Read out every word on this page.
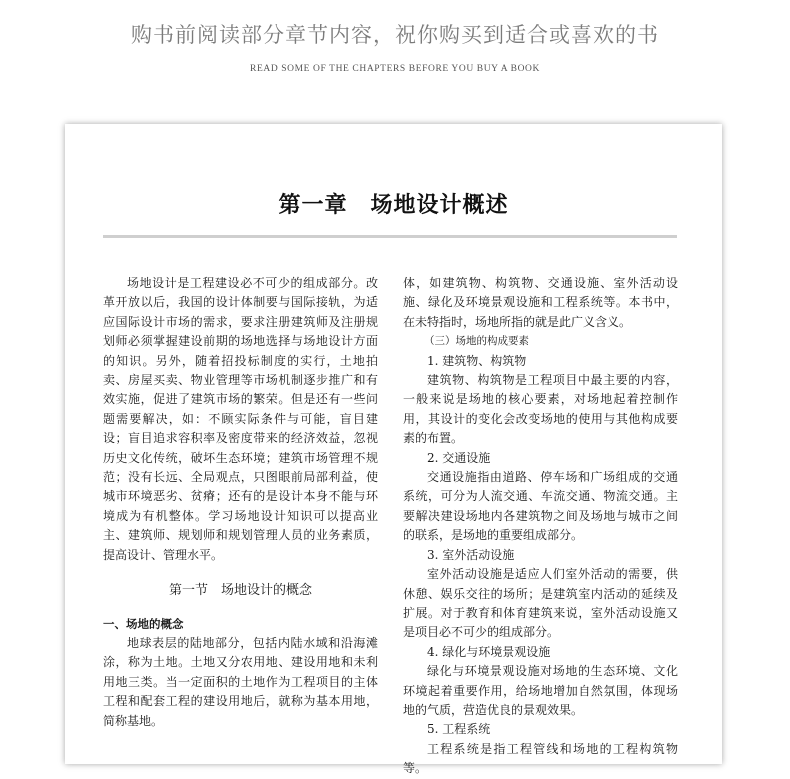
购书前阅读部分章节内容，祝你购买到适合或喜欢的书
READ SOME OF THE CHAPTERS BEFORE YOU BUY A BOOK
第一章　场地设计概述

场地设计是工程建设必不可少的组成部分。改革开放以后，我国的设计体制要与国际接轨，为适应国际设计市场的需求，要求注册建筑师及注册规划师必须掌握建设前期的场地选择与场地设计方面的知识。另外，随着招投标制度的实行，土地拍卖、房屋买卖、物业管理等市场机制逐步推广和有效实施，促进了建筑市场的繁荣。但是还有一些问题需要解决，如：不顾实际条件与可能，盲目建设；盲目追求容积率及密度带来的经济效益，忽视历史文化传统，破坏生态环境；建筑市场管理不规范；没有长远、全局观点，只图眼前局部利益，使城市环境恶劣、贫瘠；还有的是设计本身不能与环境成为有机整体。学习场地设计知识可以提高业主、建筑师、规划师和规划管理人员的业务素质，提高设计、管理水平。

第一节　场地设计的概念

一、场地的概念

地球表层的陆地部分，包括内陆水域和沿海滩涂，称为土地。土地又分农用地、建设用地和未利用地三类。当一定面积的土地作为工程项目的主体工程和配套工程的建设用地后，就称为基本用地，简称基地。

体，如建筑物、构筑物、交通设施、室外活动设施、绿化及环境景观设施和工程系统等。本书中，在未特指时，场地所指的就是此广义含义。

（三）场地的构成要素

1. 建筑物、构筑物

建筑物、构筑物是工程项目中最主要的内容，一般来说是场地的核心要素，对场地起着控制作用，其设计的变化会改变场地的使用与其他构成要素的布置。

2. 交通设施

交通设施指由道路、停车场和广场组成的交通系统，可分为人流交通、车流交通、物流交通。主要解决建设场地内各建筑物之间及场地与城市之间的联系，是场地的重要组成部分。

3. 室外活动设施

室外活动设施是适应人们室外活动的需要，供休憩、娱乐交往的场所；是建筑室内活动的延续及扩展。对于教育和体育建筑来说，室外活动设施又是项目必不可少的组成部分。

4. 绿化与环境景观设施

绿化与环境景观设施对场地的生态环境、文化环境起着重要作用，给场地增加自然氛围，体现场地的气质，营造优良的景观效果。

5. 工程系统

工程系统是指工程管线和场地的工程构筑物等。
